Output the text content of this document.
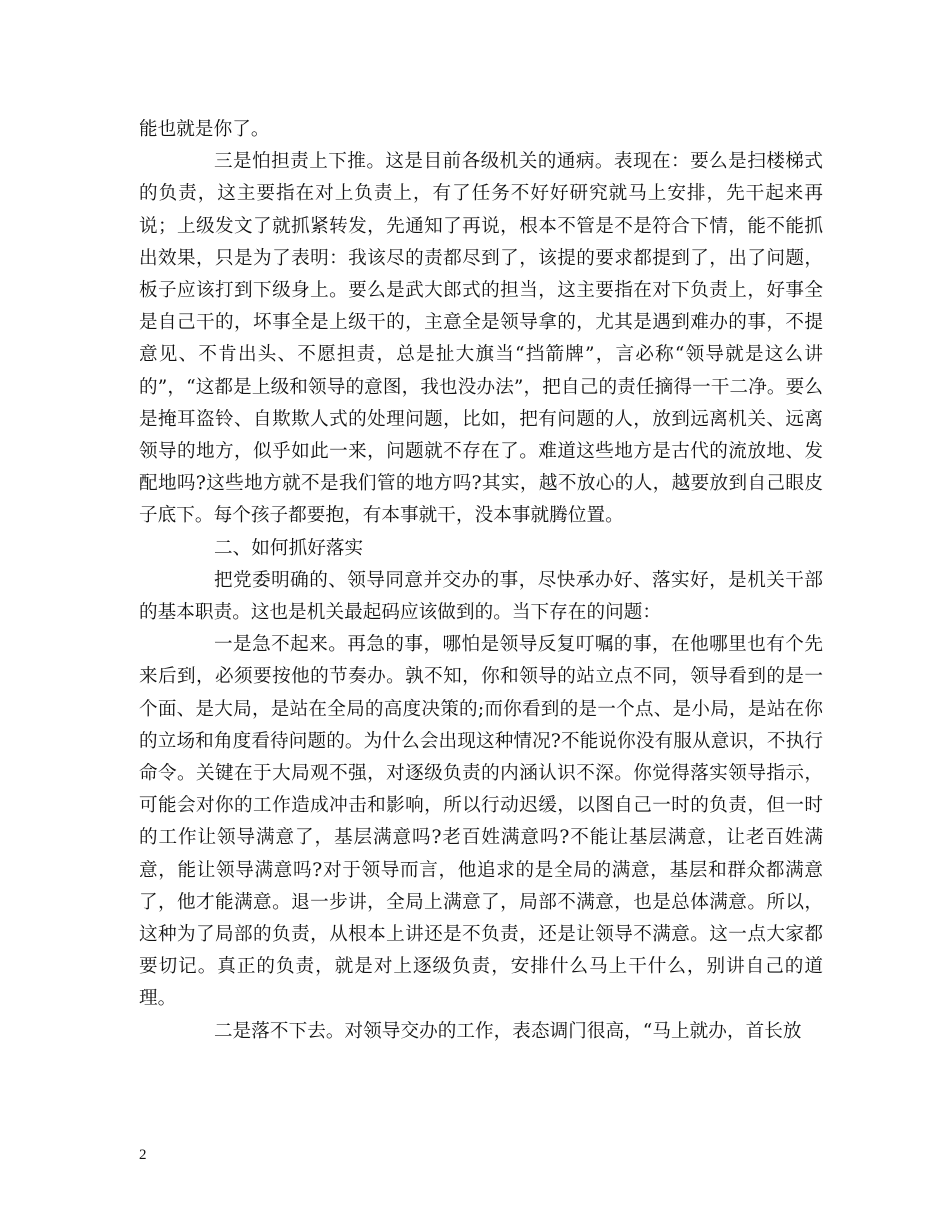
能也就是你了。

三是怕担责上下推。这是目前各级机关的通病。表现在：要么是扫楼梯式的负责，这主要指在对上负责上，有了任务不好好研究就马上安排，先干起来再说；上级发文了就抓紧转发，先通知了再说，根本不管是不是符合下情，能不能抓出效果，只是为了表明：我该尽的责都尽到了，该提的要求都提到了，出了问题，板子应该打到下级身上。要么是武大郎式的担当，这主要指在对下负责上，好事全是自己干的，坏事全是上级干的，主意全是领导拿的，尤其是遇到难办的事，不提意见、不肯出头、不愿担责，总是扯大旗当“挡箭牌”，言必称“领导就是这么讲的”，“这都是上级和领导的意图，我也没办法”，把自己的责任摘得一干二净。要么是掩耳盗铃、自欺欺人式的处理问题，比如，把有问题的人，放到远离机关、远离领导的地方，似乎如此一来，问题就不存在了。难道这些地方是古代的流放地、发配地吗?这些地方就不是我们管的地方吗?其实，越不放心的人，越要放到自己眼皮子底下。每个孩子都要抱，有本事就干，没本事就腾位置。

二、如何抓好落实

把党委明确的、领导同意并交办的事，尽快承办好、落实好，是机关干部的基本职责。这也是机关最起码应该做到的。当下存在的问题：

一是急不起来。再急的事，哪怕是领导反复叮嘱的事，在他哪里也有个先来后到，必须要按他的节奏办。孰不知，你和领导的站立点不同，领导看到的是一个面、是大局，是站在全局的高度决策的;而你看到的是一个点、是小局，是站在你的立场和角度看待问题的。为什么会出现这种情况?不能说你没有服从意识，不执行命令。关键在于大局观不强，对逐级负责的内涵认识不深。你觉得落实领导指示，可能会对你的工作造成冲击和影响，所以行动迟缓，以图自己一时的负责，但一时的工作让领导满意了，基层满意吗?老百姓满意吗?不能让基层满意，让老百姓满意，能让领导满意吗?对于领导而言，他追求的是全局的满意，基层和群众都满意了，他才能满意。退一步讲，全局上满意了，局部不满意，也是总体满意。所以，这种为了局部的负责，从根本上讲还是不负责，还是让领导不满意。这一点大家都要切记。真正的负责，就是对上逐级负责，安排什么马上干什么，别讲自己的道理。

二是落不下去。对领导交办的工作，表态调门很高，“马上就办，首长放

2
